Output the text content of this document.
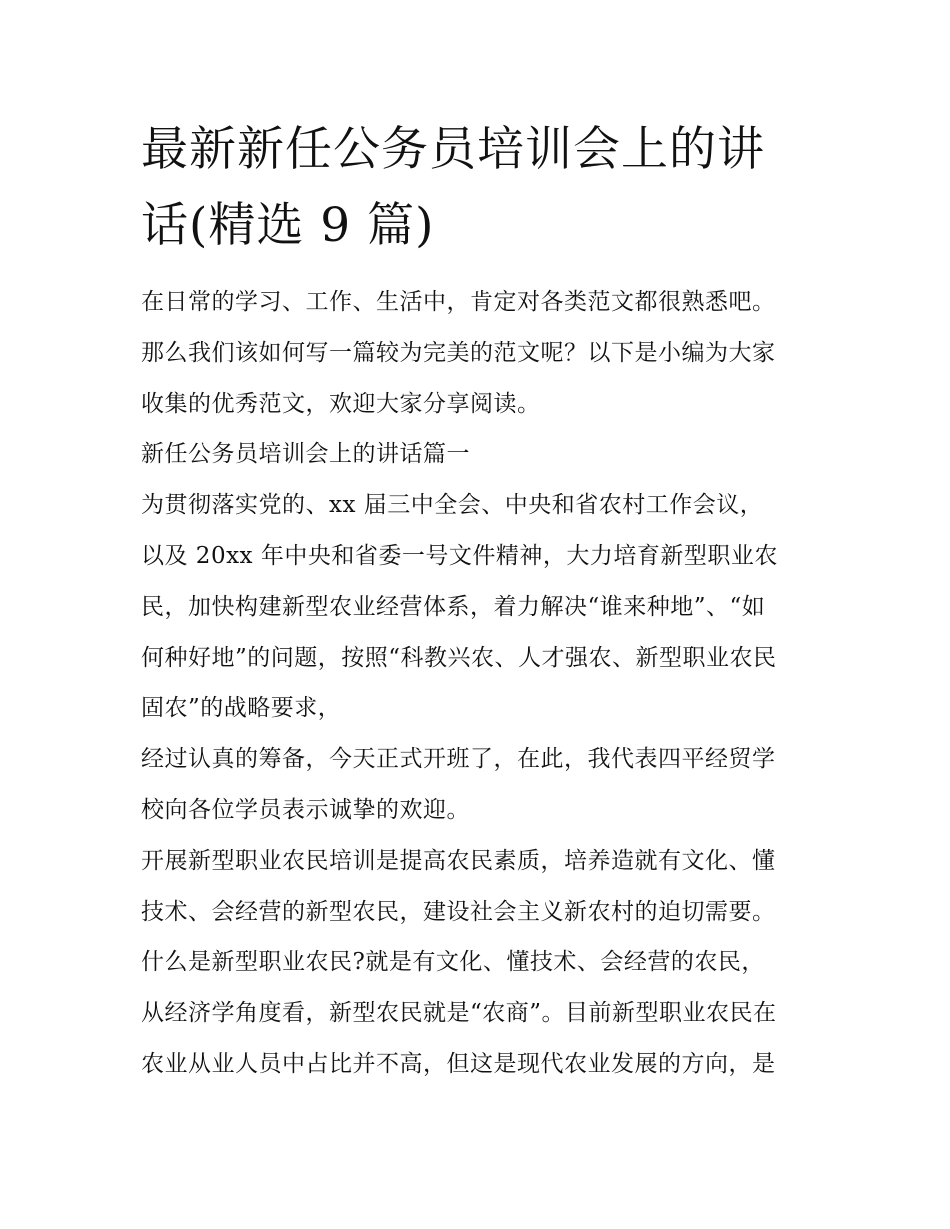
最新新任公务员培训会上的讲
话(精选 9 篇)
在日常的学习、工作、生活中，肯定对各类范文都很熟悉吧。
那么我们该如何写一篇较为完美的范文呢？以下是小编为大家
收集的优秀范文，欢迎大家分享阅读。
新任公务员培训会上的讲话篇一
为贯彻落实党的、xx 届三中全会、中央和省农村工作会议，
以及 20xx 年中央和省委一号文件精神，大力培育新型职业农
民，加快构建新型农业经营体系，着力解决“谁来种地”、“如
何种好地”的问题，按照“科教兴农、人才强农、新型职业农民
固农”的战略要求，
经过认真的筹备，今天正式开班了，在此，我代表四平经贸学
校向各位学员表示诚挚的欢迎。
开展新型职业农民培训是提高农民素质，培养造就有文化、懂
技术、会经营的新型农民，建设社会主义新农村的迫切需要。
什么是新型职业农民?就是有文化、懂技术、会经营的农民，
从经济学角度看，新型农民就是“农商”。目前新型职业农民在
农业从业人员中占比并不高，但这是现代农业发展的方向，是
